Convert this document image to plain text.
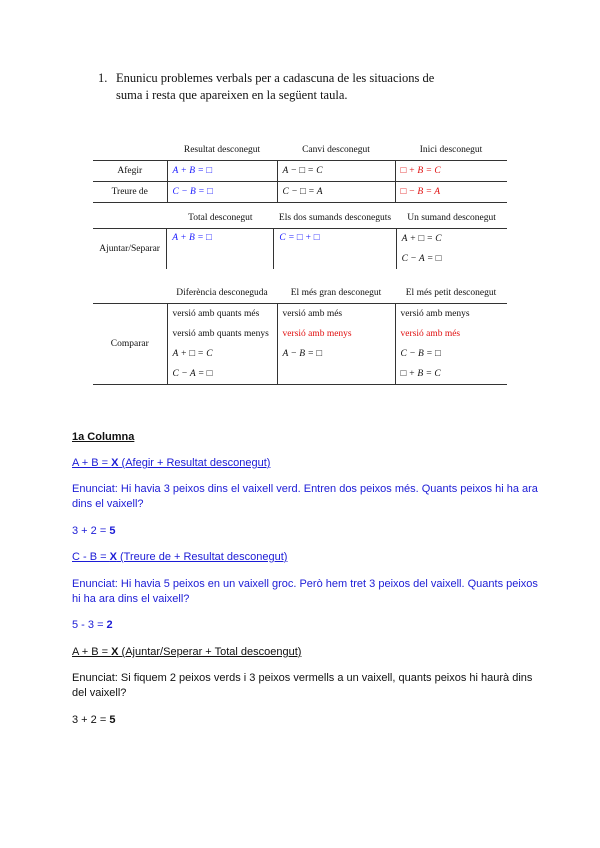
1. Enunicu problemes verbals per a cadascuna de les situacions de
suma i resta que apareixen en la següent taula.
	Resultat desconegut	Canvi desconegut	Inici desconegut
Afegir	A + B = □	A − □ = C	□ + B = C
Treure de	C − B = □	C − □ = A	□ − B = A
	Total desconegut	Els dos sumands desconeguts	Un sumand desconegut
Ajuntar/Separar	A + B = □	C = □ + □	A + □ = C
			C − A = □
	Diferència desconeguda	El més gran desconegut	El més petit desconegut
Comparar	versió amb quants més	versió amb més	versió amb menys
	versió amb quants menys	versió amb menys	versió amb més
	A + □ = C	A − B = □	C − B = □
	C − A = □		□ + B = C
1a Columna
A + B = X (Afegir + Resultat desconegut)
Enunciat: Hi havia 3 peixos dins el vaixell verd. Entren dos peixos més. Quants peixos hi ha ara dins el vaixell?
3 + 2 = 5
C - B = X (Treure de + Resultat desconegut)
Enunciat: Hi havia 5 peixos en un vaixell groc. Però hem tret 3 peixos del vaixell. Quants peixos hi ha ara dins el vaixell?
5 - 3 = 2
A + B = X (Ajuntar/Seperar + Total descoengut)
Enunciat: Si fiquem 2 peixos verds i 3 peixos vermells a un vaixell, quants peixos hi haurà dins del vaixell?
3 + 2 = 5
